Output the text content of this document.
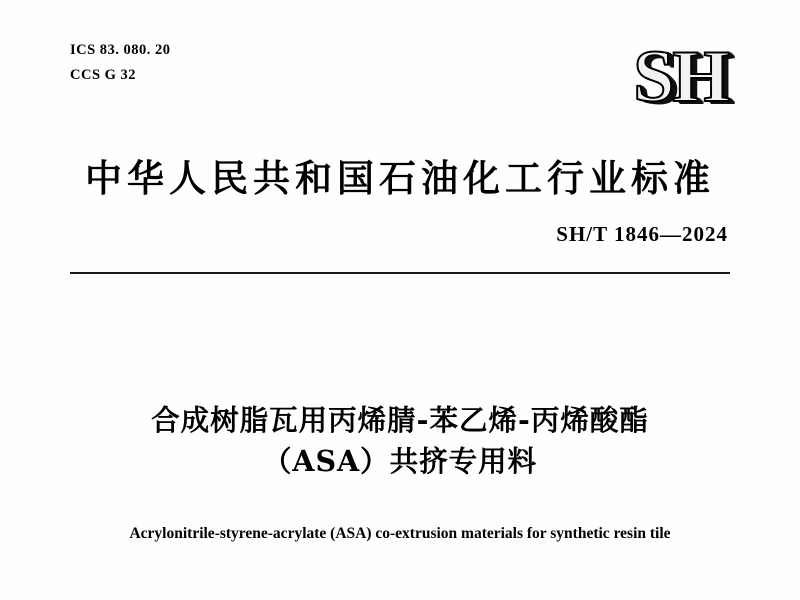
ICS 83. 080. 20
CCS G 32	SH
中华人民共和国石油化工行业标准
SH/T 1846—2024
合成树脂瓦用丙烯腈-苯乙烯-丙烯酸酯
（ASA）共挤专用料
Acrylonitrile-styrene-acrylate (ASA) co-extrusion materials for synthetic resin tile
